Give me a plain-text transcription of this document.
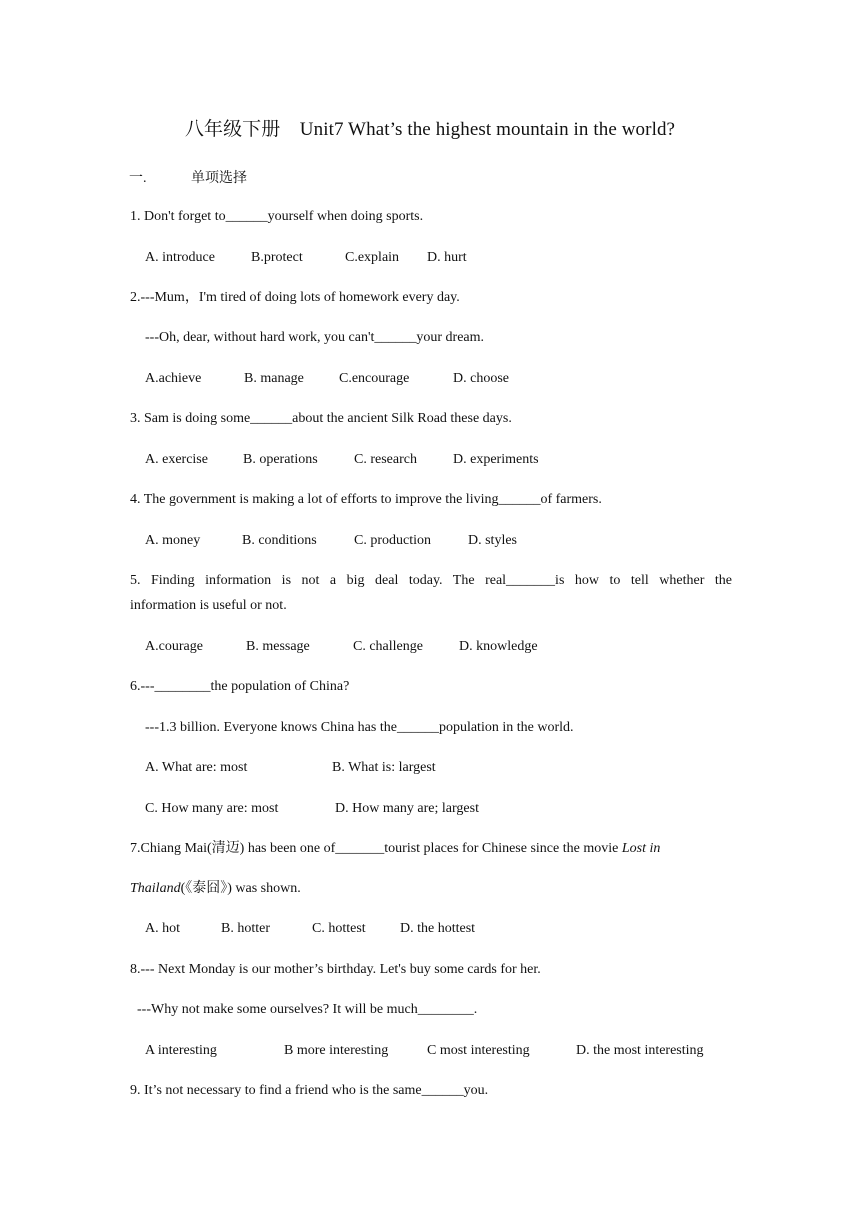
八年级下册    Unit7 What’s the highest mountain in the world?
一.	单项选择
1. Don't forget to______yourself when doing sports.
A. introduce	B.protect	C.explain D. hurt
2.---Mum，I'm tired of doing lots of homework every day.
---Oh, dear, without hard work, you can't______your dream.
A.achieve	B. manage	C.encourage	D. choose
3. Sam is doing some______about the ancient Silk Road these days.
A. exercise	B. operations	C. research	D. experiments
4. The government is making a lot of efforts to improve the living______of farmers.
A. money	B. conditions	C. production	D. styles
5. Finding information is not a big deal today. The real_______is how to tell whether the
information is useful or not.
A.courage	B. message	C. challenge	D. knowledge
6.---________the population of China?
---1.3 billion. Everyone knows China has the______population in the world.
A. What are: most	B. What is: largest
C. How many are: most	D. How many are; largest
7.Chiang Mai(清迈) has been one of_______tourist places for Chinese since the movie Lost in
Thailand(《泰囧》) was shown.
A. hot	B. hotter	C. hottest D. the hottest
8.--- Next Monday is our mother’s birthday. Let's buy some cards for her.
---Why not make some ourselves? It will be much________.
A interesting	B more interesting	C most interesting	D. the most interesting
9. It’s not necessary to find a friend who is the same______you.
